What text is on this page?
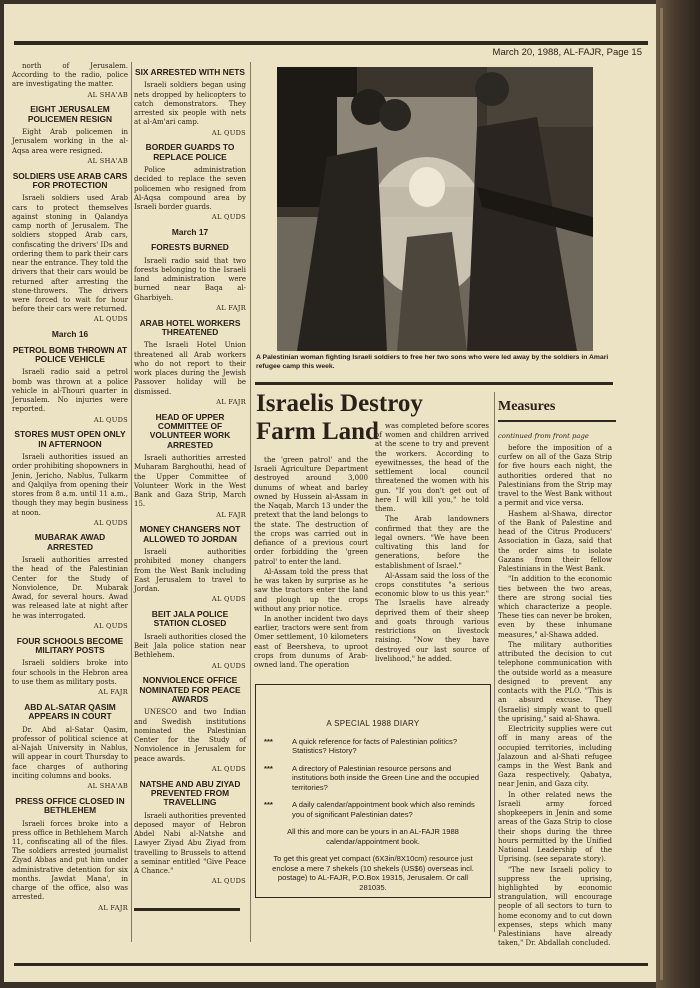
March 20, 1988, AL-FAJR, Page 15
north of Jerusalem. According to the radio, police are investigating the matter.
AL SHA'AB
EIGHT JERUSALEM POLICEMEN RESIGN
Eight Arab policemen in Jerusalem working in the al-Aqsa area were resigned.
AL SHA'AB
SOLDIERS USE ARAB CARS FOR PROTECTION
Israeli soldiers used Arab cars to protect themselves against stoning in Qalandya camp north of Jerusalem. The soldiers stopped Arab cars, confiscating the drivers' IDs and ordering them to park their cars near the entrance. They told the drivers that their cars would be returned after arresting the stone-throwers. The drivers were forced to wait for hour before their cars were returned.
AL QUDS
March 16
PETROL BOMB THROWN AT POLICE VEHICLE
Israeli radio said a petrol bomb was thrown at a police vehicle in al-Thouri quarter in Jerusalem. No injuries were reported.
AL QUDS
STORES MUST OPEN ONLY IN AFTERNOON
Israeli authorities issued an order prohibiting shopowners in Jenin, Jericho, Nablus, Tulkarm and Qalqilya from opening their stores from 8 a.m. until 11 a.m., though they may begin business at noon.
AL QUDS
MUBARAK AWAD ARRESTED
Israeli authorities arrested the head of the Palestinian Center for the Study of Nonviolence, Dr. Mubarak Awad, for several hours. Awad was released late at night after he was interrogated.
AL QUDS
FOUR SCHOOLS BECOME MILITARY POSTS
Israeli soldiers broke into four schools in the Hebron area to use them as military posts.
AL FAJR
ABD AL-SATAR QASIM APPEARS IN COURT
Dr. Abd al-Satar Qasim, professor of political science at al-Najah University in Nablus, will appear in court Thursday to face charges of authoring inciting columns and books.
AL SHA'AB
PRESS OFFICE CLOSED IN BETHLEHEM
Israeli forces broke into a press office in Bethlehem March 11, confiscating all of the files. The soldiers arrested journalist Ziyad Abbas and put him under administrative detention for six months. Jawdat Mana', in charge of the office, also was arrested.
AL FAJR
SIX ARRESTED WITH NETS
Israeli soldiers began using nets dropped by helicopters to catch demonstrators. They arrested six people with nets at al-Am'ari camp.
AL QUDS
BORDER GUARDS TO REPLACE POLICE
Police administration decided to replace the seven policemen who resigned from Al-Aqsa compound area by Israeli border guards.
AL QUDS
March 17
FORESTS BURNED
Israeli radio said that two forests belonging to the Israeli land administration were burned near Baqa al-Gharbiyeh.
AL FAJR
ARAB HOTEL WORKERS THREATENED
The Israeli Hotel Union threatened all Arab workers who do not report to their work places during the Jewish Passover holiday will be dismissed.
AL FAJR
HEAD OF UPPER COMMITTEE OF VOLUNTEER WORK ARRESTED
Israeli authorities arrested Muharam Barghouthi, head of the Upper Committee of Volunteer Work in the West Bank and Gaza Strip, March 15.
AL FAJR
MONEY CHANGERS NOT ALLOWED TO JORDAN
Israeli authorities prohibited money changers from the West Bank including East Jerusalem to travel to Jordan.
AL QUDS
BEIT JALA POLICE STATION CLOSED
Israeli authorities closed the Beit Jala police station near Bethlehem.
AL QUDS
NONVIOLENCE OFFICE NOMINATED FOR PEACE AWARDS
UNESCO and two Indian and Swedish institutions nominated the Palestinian Center for the Study of Nonviolence in Jerusalem for peace awards.
AL QUDS
NATSHE AND ABU ZIYAD PREVENTED FROM TRAVELLING
Israeli authorities prevented deposed mayor of Hebron Abdel Nabi al-Natshe and Lawyer Ziyad Abu Ziyad from travelling to Brussels to attend a seminar entitled "Give Peace A Chance."
AL QUDS
A Palestinian woman fighting Israeli soldiers to free her two sons who were led away by the soldiers in Amari refugee camp this week.
Israelis Destroy Farm Land
the 'green patrol' and the Israeli Agriculture Department destroyed around 3,000 dunums of wheat and barley owned by Hussein al-Assam in the Naqab, March 13 under the pretext that the land belongs to the state. The destruction of the crops was carried out in defiance of a previous court order forbidding the 'green patrol' to enter the land.
Al-Assam told the press that he was taken by surprise as he saw the tractors enter the land and plough up the crops without any prior notice.
In another incident two days earlier, tractors were sent from Omer settlement, 10 kilometers east of Beersheva, to uproot crops from dunums of Arab-owned land. The operation
was completed before scores of women and children arrived at the scene to try and prevent the workers. According to eyewitnesses, the head of the settlement local council threatened the women with his gun. "If you don't get out of here I will kill you," he told them.
The Arab landowners confirmed that they are the legal owners. "We have been cultivating this land for generations, before the establishment of Israel."
Al-Assam said the loss of the crops constitutes "a serious economic blow to us this year." The Israelis have already deprived them of their sheep and goats through various restrictions on livestock raising. "Now they have destroyed our last source of livelihood," he added.
Measures
continued from front page
before the imposition of a curfew on all of the Gaza Strip for five hours each night, the authorities ordered that no Palestinians from the Strip may travel to the West Bank without a permit and vice versa.
Hashem al-Shawa, director of the Bank of Palestine and head of the Citrus Producers' Association in Gaza, said that the order aims to isolate Gazans from their fellow Palestinians in the West Bank.
"In addition to the economic ties between the two areas, there are strong social ties which characterize a people. These ties can never be broken, even by these inhumane measures," al-Shawa added.
The military authorities attributed the decision to cut telephone communication with the outside world as a measure designed to prevent any contacts with the PLO. "This is an absurd excuse. They (Israelis) simply want to quell the uprising," said al-Shawa.
Electricity supplies were cut off in many areas of the occupied territories, including Jalazoun and al-Shati refugee camps in the West Bank and Gaza respectively, Qabatya, near Jenin, and Gaza city.
In other related news the Israeli army forced shopkeepers in Jenin and some areas of the Gaza Strip to close their shops during the three hours permitted by the Unified National Leadership of the Uprising. (see separate story).
"The new Israeli policy to suppress the uprising, highlighted by economic strangulation, will encourage people of all sectors to turn to home economy and to cut down expenses, steps which many Palestinians have already taken," Dr. Abdallah concluded.
A SPECIAL 1988 DIARY
***	A quick reference for facts of Palestinian politics? Statistics? History?
***	A directory of Palestinian resource persons and institutions both inside the Green Line and the occupied territories?
***	A daily calendar/appointment book which also reminds you of significant Palestinian dates?
All this and more can be yours in an AL-FAJR 1988 calendar/appointment book.
To get this great yet compact (6X3in/8X10cm) resource just enclose a mere 7 shekels (10 shekels (US$6) overseas incl. postage) to AL-FAJR, P.O.Box 19315, Jerusalem. Or call 281035.
